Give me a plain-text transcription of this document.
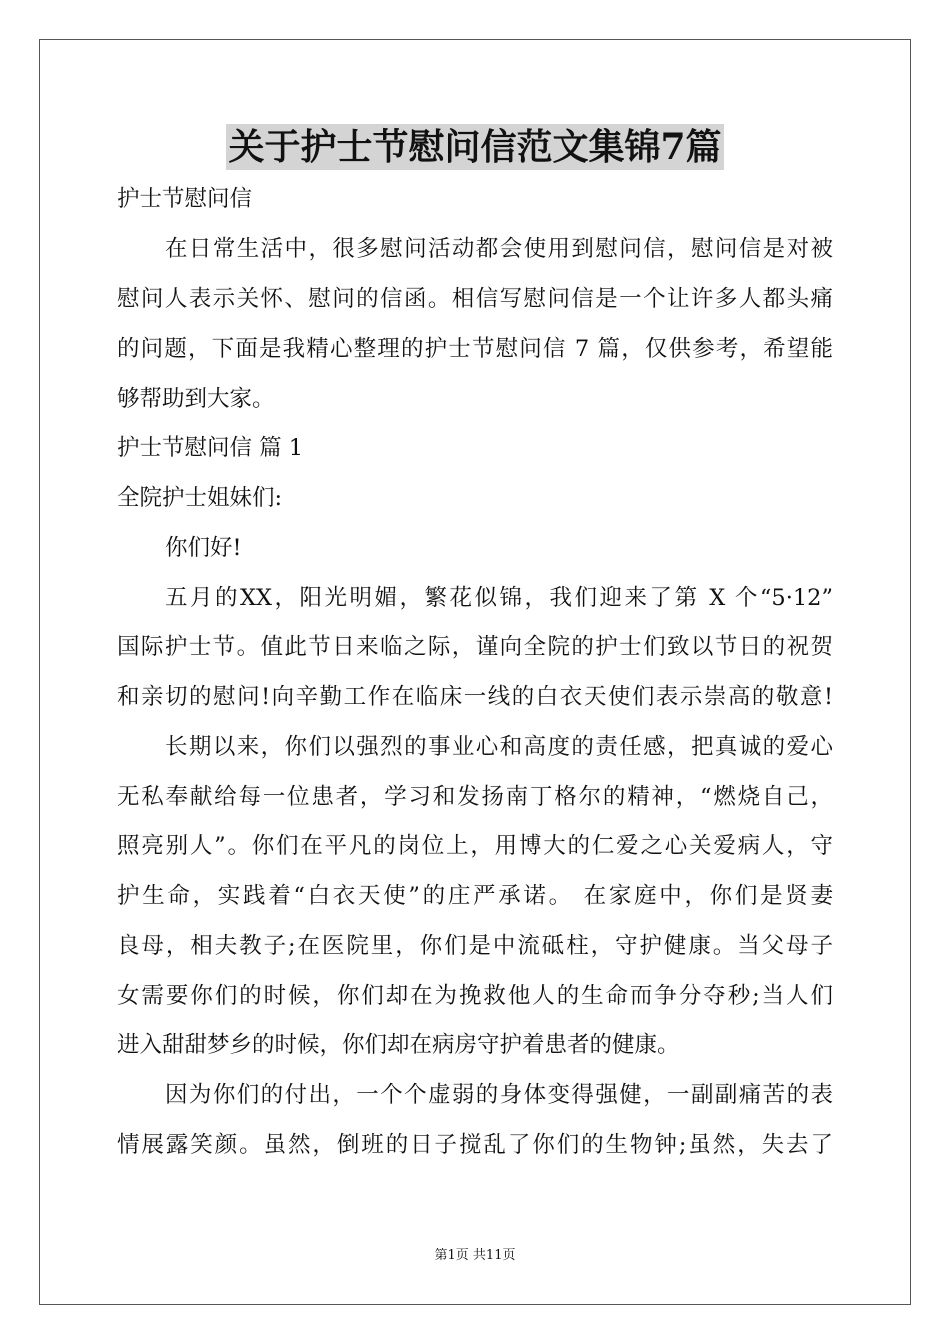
关于护士节慰问信范文集锦7篇
护士节慰问信
在日常生活中，很多慰问活动都会使用到慰问信，慰问信是对被
慰问人表示关怀、慰问的信函。相信写慰问信是一个让许多人都头痛
的问题，下面是我精心整理的护士节慰问信 7 篇，仅供参考，希望能
够帮助到大家。
护士节慰问信 篇 1
全院护士姐妹们:
你们好!
五月的XX，阳光明媚，繁花似锦，我们迎来了第 X 个“5·12”
国际护士节。值此节日来临之际，谨向全院的护士们致以节日的祝贺
和亲切的慰问!向辛勤工作在临床一线的白衣天使们表示崇高的敬意!
长期以来，你们以强烈的事业心和高度的责任感，把真诚的爱心
无私奉献给每一位患者，学习和发扬南丁格尔的精神，“燃烧自己，
照亮别人”。你们在平凡的岗位上，用博大的仁爱之心关爱病人，守
护生命，实践着“白衣天使”的庄严承诺。 在家庭中，你们是贤妻
良母，相夫教子;在医院里，你们是中流砥柱，守护健康。当父母子
女需要你们的时候，你们却在为挽救他人的生命而争分夺秒;当人们
进入甜甜梦乡的时候，你们却在病房守护着患者的健康。
因为你们的付出，一个个虚弱的身体变得强健，一副副痛苦的表
情展露笑颜。虽然，倒班的日子搅乱了你们的生物钟;虽然，失去了
第1页 共11页
